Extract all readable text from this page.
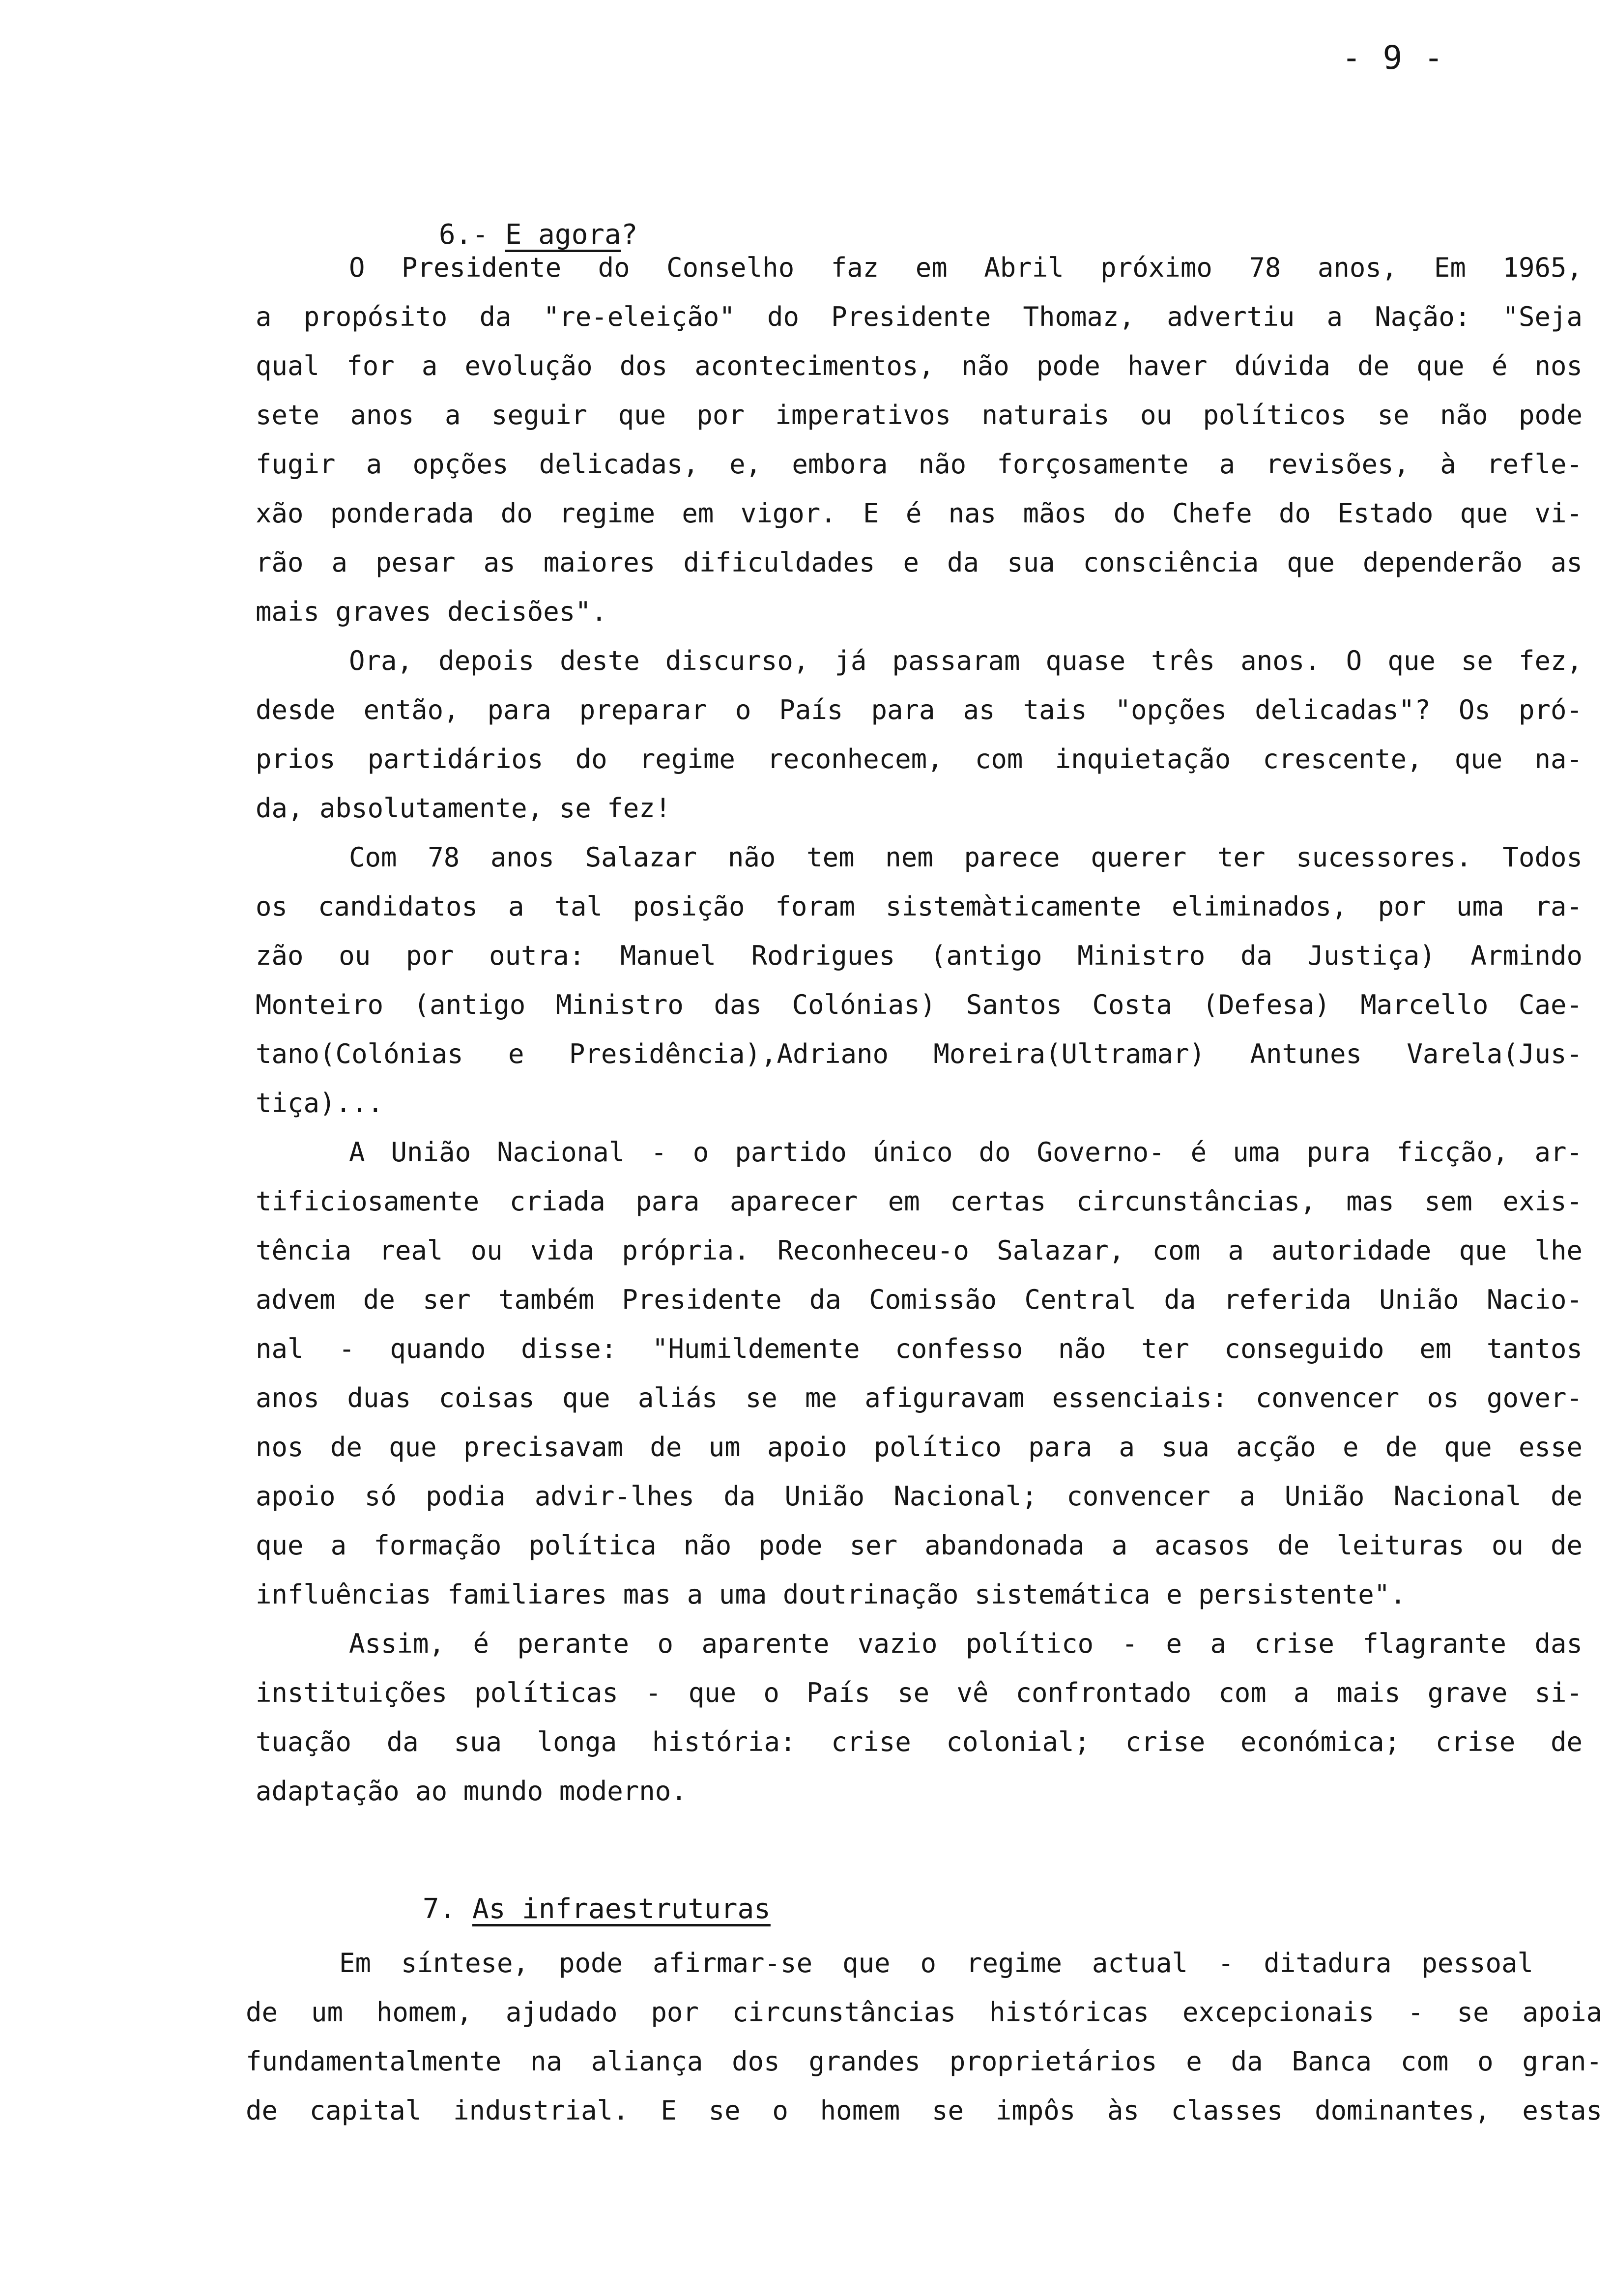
- 9 -

6.- E agora?

O Presidente do Conselho faz em Abril próximo 78 anos, Em 1965,
a propósito da "re-eleição" do Presidente Thomaz, advertiu a Nação: "Seja
qual for a evolução dos acontecimentos, não pode haver dúvida de que é nos
sete anos a seguir que por imperativos naturais ou políticos se não pode
fugir a opções delicadas, e, embora não forçosamente a revisões, à refle-
xão ponderada do regime em vigor. E é nas mãos do Chefe do Estado que vi-
rão a pesar as maiores dificuldades e da sua consciência que dependerão as
mais graves decisões".
Ora, depois deste discurso, já passaram quase três anos. O que se fez,
desde então, para preparar o País para as tais "opções delicadas"? Os pró-
prios partidários do regime reconhecem, com inquietação crescente, que na-
da, absolutamente, se fez!
Com 78 anos Salazar não tem nem parece querer ter sucessores. Todos
os candidatos a tal posição foram sistemàticamente eliminados, por uma ra-
zão ou por outra: Manuel Rodrigues (antigo Ministro da Justiça) Armindo
Monteiro (antigo Ministro das Colónias) Santos Costa (Defesa) Marcello Cae-
tano(Colónias e Presidência),Adriano Moreira(Ultramar) Antunes Varela(Jus-
tiça)...
A União Nacional - o partido único do Governo- é uma pura ficção, ar-
tificiosamente criada para aparecer em certas circunstâncias, mas sem exis-
tência real ou vida própria. Reconheceu-o Salazar, com a autoridade que lhe
advem de ser também Presidente da Comissão Central da referida União Nacio-
nal - quando disse: "Humildemente confesso não ter conseguido em tantos
anos duas coisas que aliás se me afiguravam essenciais: convencer os gover-
nos de que precisavam de um apoio político para a sua acção e de que esse
apoio só podia advir-lhes da União Nacional; convencer a União Nacional de
que a formação política não pode ser abandonada a acasos de leituras ou de
influências familiares mas a uma doutrinação sistemática e persistente".
Assim, é perante o aparente vazio político - e a crise flagrante das
instituições políticas - que o País se vê confrontado com a mais grave si-
tuação da sua longa história: crise colonial; crise económica; crise de
adaptação ao mundo moderno.

7. As infraestruturas

Em síntese, pode afirmar-se que o regime actual - ditadura pessoal
de um homem, ajudado por circunstâncias históricas excepcionais - se apoia
fundamentalmente na aliança dos grandes proprietários e da Banca com o gran-
de capital industrial. E se o homem se impôs às classes dominantes, estas
